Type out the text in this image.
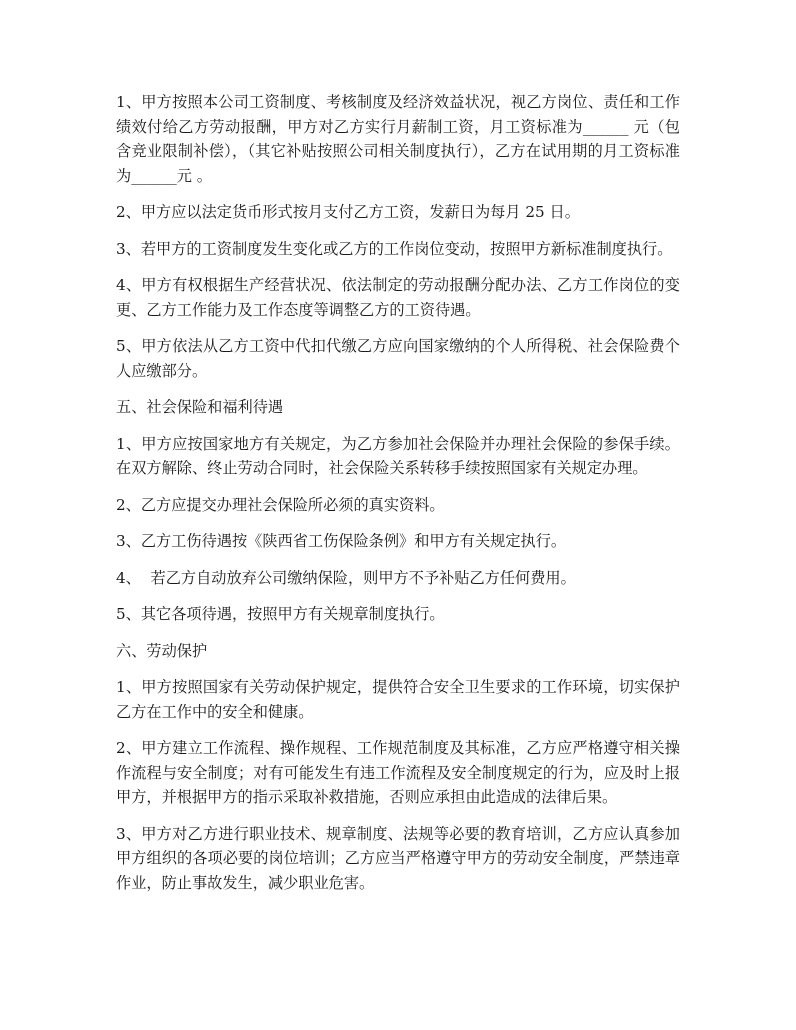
1、甲方按照本公司工资制度、考核制度及经济效益状况，视乙方岗位、责任和工作绩效付给乙方劳动报酬，甲方对乙方实行月薪制工资，月工资标准为______ 元（包含竞业限制补偿），（其它补贴按照公司相关制度执行），乙方在试用期的月工资标准为______元 。

2、甲方应以法定货币形式按月支付乙方工资，发薪日为每月 25 日。

3、若甲方的工资制度发生变化或乙方的工作岗位变动，按照甲方新标准制度执行。

4、甲方有权根据生产经营状况、依法制定的劳动报酬分配办法、乙方工作岗位的变更、乙方工作能力及工作态度等调整乙方的工资待遇。

5、甲方依法从乙方工资中代扣代缴乙方应向国家缴纳的个人所得税、社会保险费个人应缴部分。

五、社会保险和福利待遇

1、甲方应按国家地方有关规定，为乙方参加社会保险并办理社会保险的参保手续。在双方解除、终止劳动合同时，社会保险关系转移手续按照国家有关规定办理。

2、乙方应提交办理社会保险所必须的真实资料。

3、乙方工伤待遇按《陕西省工伤保险条例》和甲方有关规定执行。

4、  若乙方自动放弃公司缴纳保险，则甲方不予补贴乙方任何费用。

5、其它各项待遇，按照甲方有关规章制度执行。

六、劳动保护

1、甲方按照国家有关劳动保护规定，提供符合安全卫生要求的工作环境，切实保护乙方在工作中的安全和健康。

2、甲方建立工作流程、操作规程、工作规范制度及其标准，乙方应严格遵守相关操作流程与安全制度；对有可能发生有违工作流程及安全制度规定的行为，应及时上报甲方，并根据甲方的指示采取补救措施，否则应承担由此造成的法律后果。

3、甲方对乙方进行职业技术、规章制度、法规等必要的教育培训，乙方应认真参加甲方组织的各项必要的岗位培训；乙方应当严格遵守甲方的劳动安全制度，严禁违章作业，防止事故发生，减少职业危害。
